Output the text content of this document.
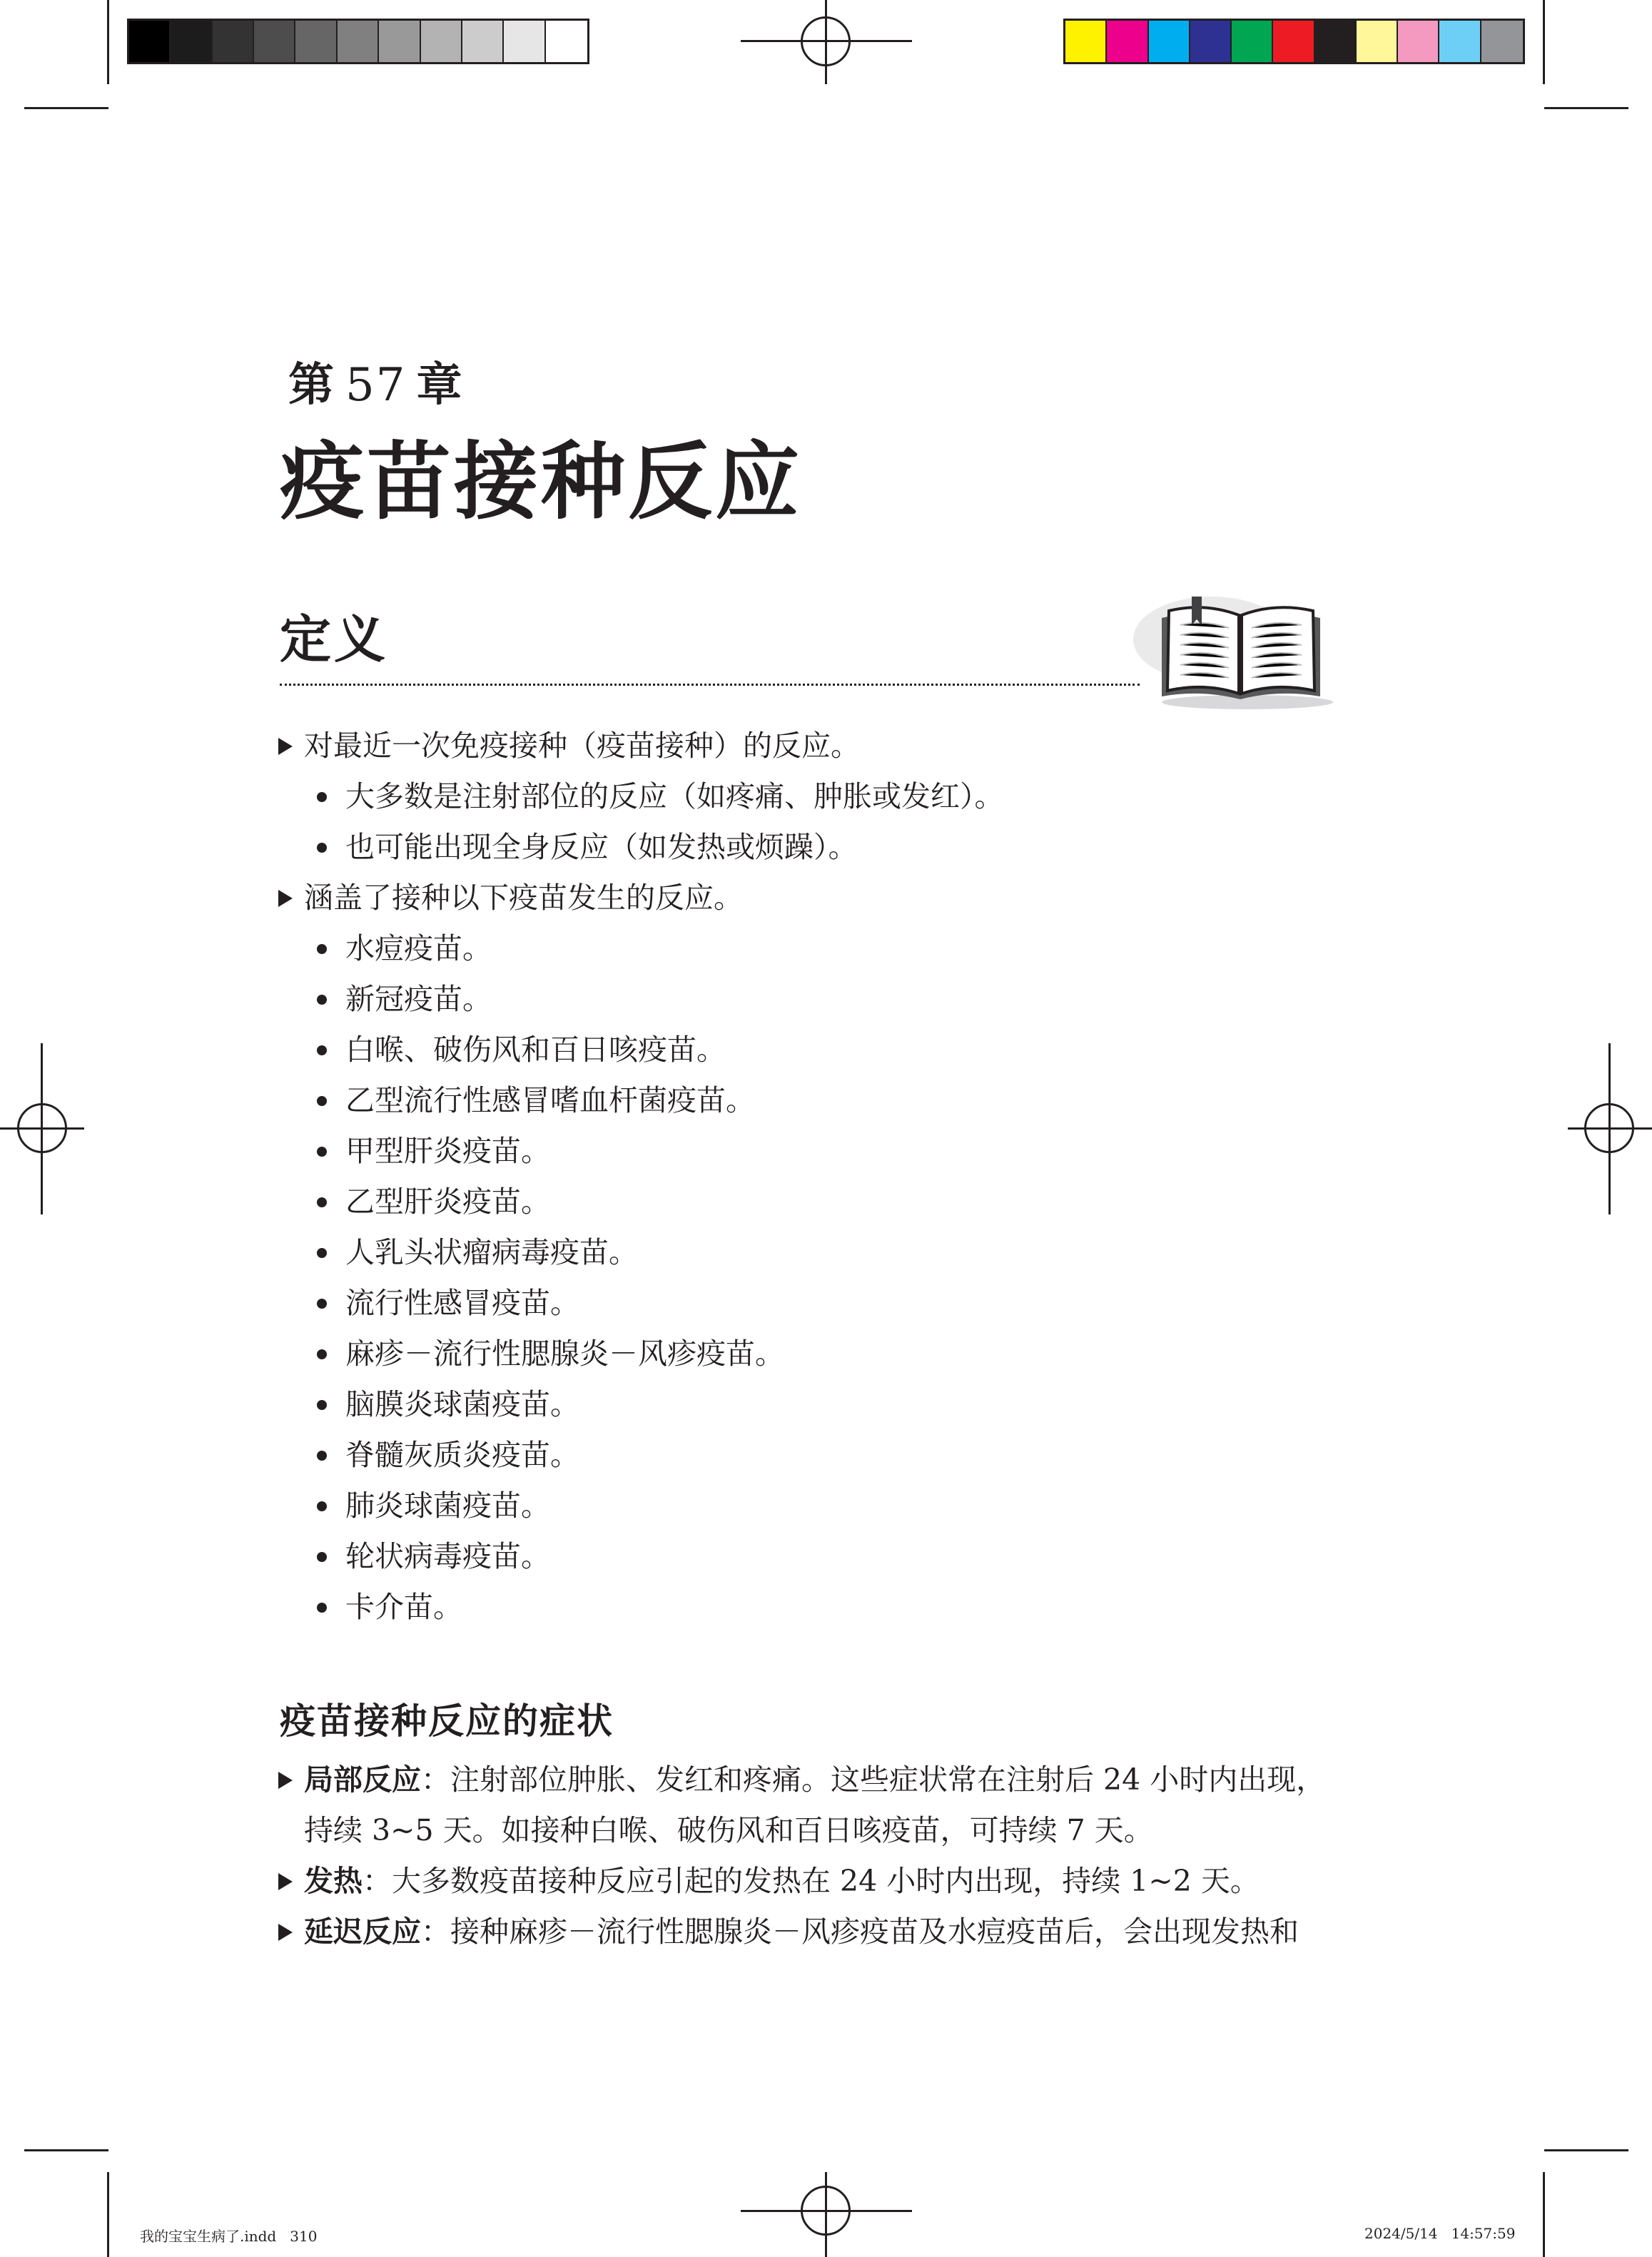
第 57 章
疫苗接种反应
定义
对最近一次免疫接种（疫苗接种）的反应。
大多数是注射部位的反应（如疼痛、肿胀或发红）。
也可能出现全身反应（如发热或烦躁）。
涵盖了接种以下疫苗发生的反应。
水痘疫苗。
新冠疫苗。
白喉、破伤风和百日咳疫苗。
乙型流行性感冒嗜血杆菌疫苗。
甲型肝炎疫苗。
乙型肝炎疫苗。
人乳头状瘤病毒疫苗。
流行性感冒疫苗。
麻疹－流行性腮腺炎－风疹疫苗。
脑膜炎球菌疫苗。
脊髓灰质炎疫苗。
肺炎球菌疫苗。
轮状病毒疫苗。
卡介苗。
疫苗接种反应的症状
局部反应：注射部位肿胀、发红和疼痛。这些症状常在注射后 24 小时内出现，
持续 3~5 天。如接种白喉、破伤风和百日咳疫苗，可持续 7 天。
发热：大多数疫苗接种反应引起的发热在 24 小时内出现，持续 1~2 天。
延迟反应：接种麻疹－流行性腮腺炎－风疹疫苗及水痘疫苗后，会出现发热和
我的宝宝生病了.indd   310	2024/5/14   14:57:59
